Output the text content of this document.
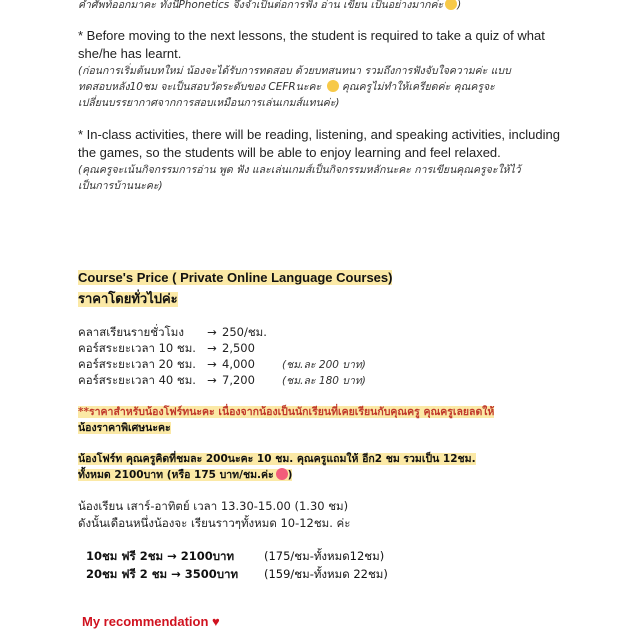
คำศัพท์ออกมาคะ ทั้งนีPhonetics จึงจำเป็นต่อการฟัง อ่าน เขียน เป็นอย่างมากค่ะ )
* Before moving to the next lessons, the student is required to take a quiz of what
she/he has learnt.
(ก่อนการเริ่มต้นบทใหม่ น้องจะได้รับการทดสอบ ด้วยบทสนทนา รวมถึงการฟังจับใจความค่ะ แบบ
ทดสอบหลัง10ชม จะเป็นสอบวัดระดับของ CEFRนะคะ  คุณครูไม่ทำให้เครียดค่ะ คุณครูจะ
เปลี่ยนบรรยากาศจากการสอบเหมือนการเล่นเกมส์แทนค่ะ)
* In-class activities, there will be reading, listening, and speaking activities, including
the games, so the students will be able to enjoy learning and feel relaxed.
(คุณครูจะเน้นกิจกรรมการอ่าน พูด ฟัง และเล่นเกมส์เป็นกิจกรรมหลักนะคะ การเขียนคุณครูจะให้ไว้
เป็นการบ้านนะคะ)
Course's Price ( Private Online Language Courses)
ราคาโดยทั่วไปค่ะ
คลาสเรียนรายชั่วโมง → 250/ชม.
คอร์สระยะเวลา 10 ชม. → 2,500
คอร์สระยะเวลา 20 ชม. → 4,000	(ชม.ละ 200 บาท)
คอร์สระยะเวลา 40 ชม. → 7,200	(ชม.ละ 180 บาท)
**ราคาสำหรับน้องโฟร์ทนะคะ เนื่องจากน้องเป็นนักเรียนที่เคยเรียนกับคุณครู คุณครูเลยลดให้
น้องราคาพิเศษนะคะ
น้องโฟร์ท คุณครูคิดที่ชมละ 200นะคะ 10 ชม. คุณครูแถมให้ อีก2 ชม รวมเป็น 12ชม.
ทั้งหมด 2100บาท (หรือ 175 บาท/ชม.ค่ะ )
น้องเรียน เสาร์-อาทิตย์ เวลา 13.30-15.00 (1.30 ชม)
ดังนั้นเดือนหนึ่งน้องจะ เรียนราวๆทั้งหมด 10-12ชม. ค่ะ
10ชม ฟรี 2ชม → 2100บาท	(175/ชม-ทั้งหมด12ชม)
20ชม ฟรี 2 ชม → 3500บาท (159/ชม-ทั้งหมด 22ชม)
My recommendation ♥
